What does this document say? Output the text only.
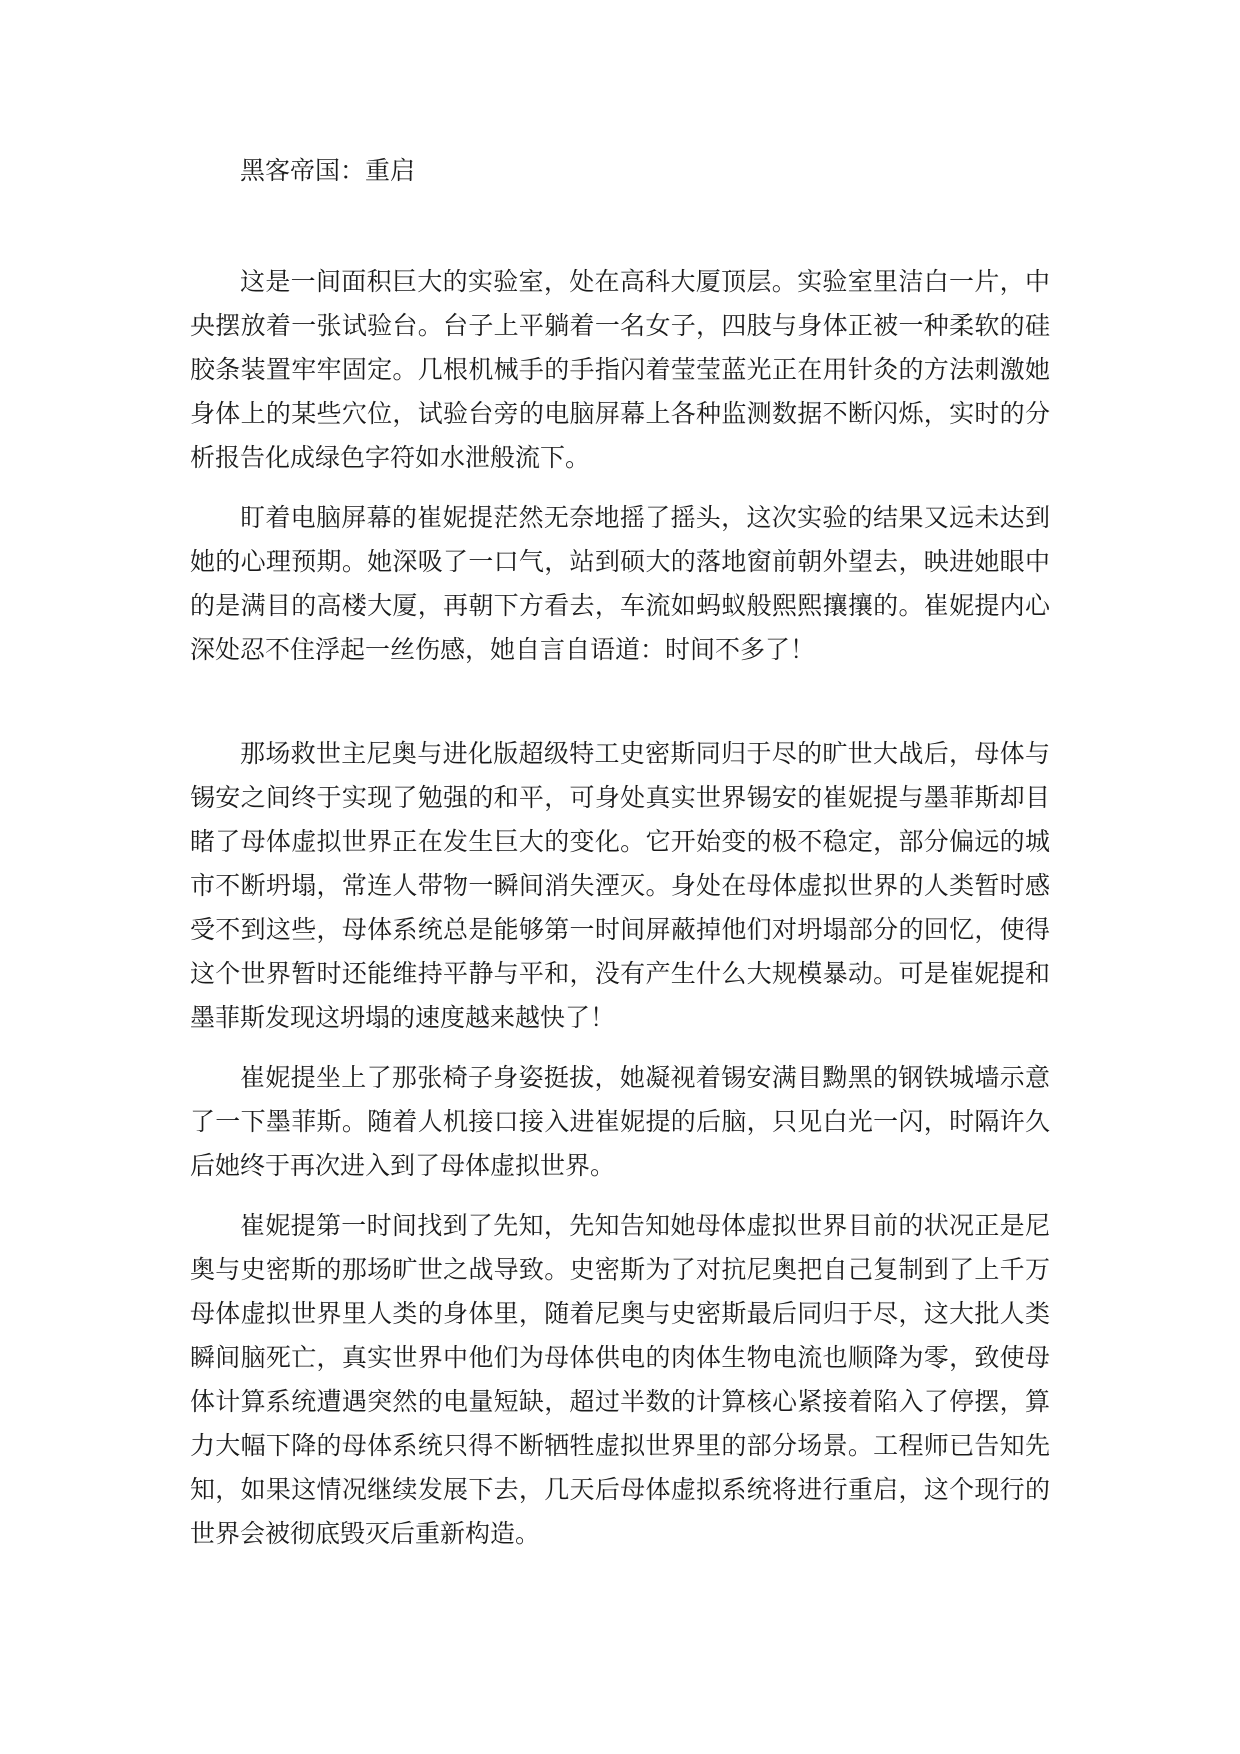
黑客帝国：重启

这是一间面积巨大的实验室，处在高科大厦顶层。实验室里洁白一片，中央摆放着一张试验台。台子上平躺着一名女子，四肢与身体正被一种柔软的硅胶条装置牢牢固定。几根机械手的手指闪着莹莹蓝光正在用针灸的方法刺激她身体上的某些穴位，试验台旁的电脑屏幕上各种监测数据不断闪烁，实时的分析报告化成绿色字符如水泄般流下。

盯着电脑屏幕的崔妮提茫然无奈地摇了摇头，这次实验的结果又远未达到她的心理预期。她深吸了一口气，站到硕大的落地窗前朝外望去，映进她眼中的是满目的高楼大厦，再朝下方看去，车流如蚂蚁般熙熙攘攘的。崔妮提内心深处忍不住浮起一丝伤感，她自言自语道：时间不多了！

那场救世主尼奥与进化版超级特工史密斯同归于尽的旷世大战后，母体与锡安之间终于实现了勉强的和平，可身处真实世界锡安的崔妮提与墨菲斯却目睹了母体虚拟世界正在发生巨大的变化。它开始变的极不稳定，部分偏远的城市不断坍塌，常连人带物一瞬间消失湮灭。身处在母体虚拟世界的人类暂时感受不到这些，母体系统总是能够第一时间屏蔽掉他们对坍塌部分的回忆，使得这个世界暂时还能维持平静与平和，没有产生什么大规模暴动。可是崔妮提和墨菲斯发现这坍塌的速度越来越快了！

崔妮提坐上了那张椅子身姿挺拔，她凝视着锡安满目黝黑的钢铁城墙示意了一下墨菲斯。随着人机接口接入进崔妮提的后脑，只见白光一闪，时隔许久后她终于再次进入到了母体虚拟世界。

崔妮提第一时间找到了先知，先知告知她母体虚拟世界目前的状况正是尼奥与史密斯的那场旷世之战导致。史密斯为了对抗尼奥把自己复制到了上千万母体虚拟世界里人类的身体里，随着尼奥与史密斯最后同归于尽，这大批人类瞬间脑死亡，真实世界中他们为母体供电的肉体生物电流也顺降为零，致使母体计算系统遭遇突然的电量短缺，超过半数的计算核心紧接着陷入了停摆，算力大幅下降的母体系统只得不断牺牲虚拟世界里的部分场景。工程师已告知先知，如果这情况继续发展下去，几天后母体虚拟系统将进行重启，这个现行的世界会被彻底毁灭后重新构造。
